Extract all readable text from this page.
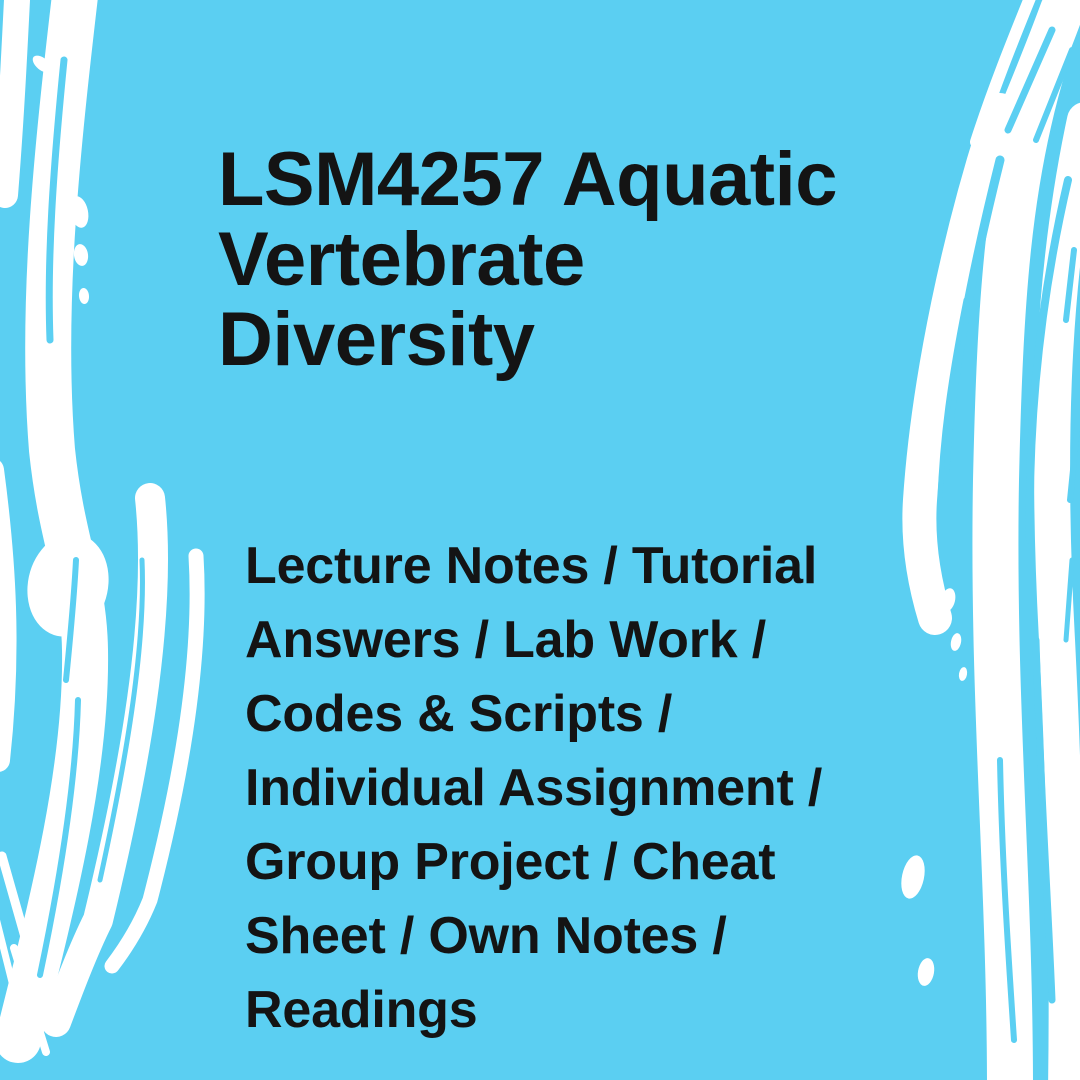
LSM4257 Aquatic
Vertebrate
Diversity
Lecture Notes / Tutorial
Answers / Lab Work /
Codes & Scripts /
Individual Assignment /
Group Project / Cheat
Sheet / Own Notes /
Readings
